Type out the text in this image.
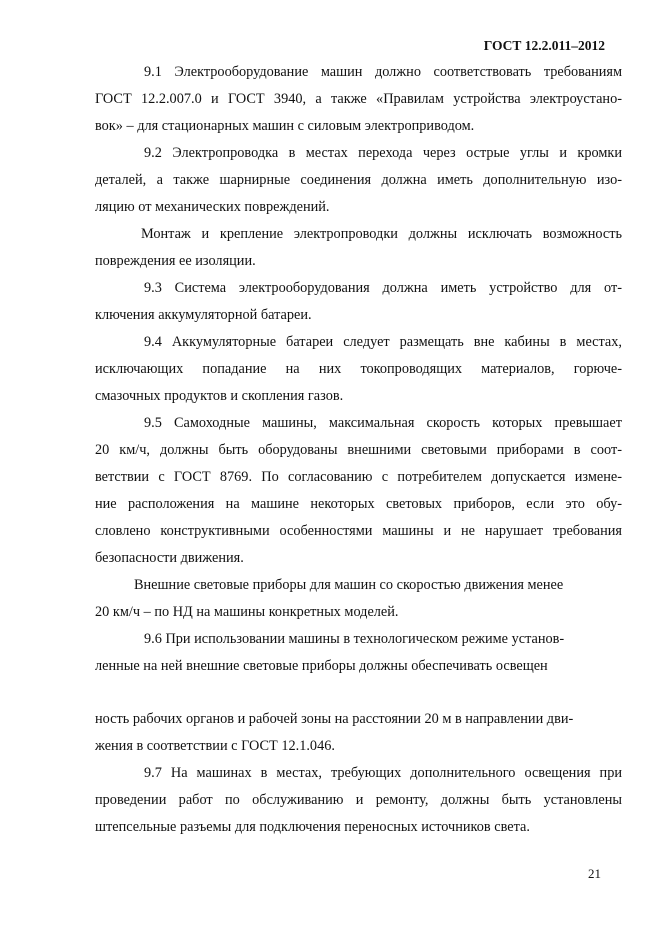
ГОСТ 12.2.011–2012
9.1 Электрооборудование машин должно соответствовать требованиям
ГОСТ 12.2.007.0 и ГОСТ 3940, а также «Правилам устройства электроустано-
вок» – для стационарных машин с силовым электроприводом.
9.2 Электропроводка в местах перехода через острые углы и кромки
деталей, а также шарнирные соединения должна иметь дополнительную изо-
ляцию от механических повреждений.
Монтаж и крепление электропроводки должны исключать возможность
повреждения ее изоляции.
9.3 Система электрооборудования должна иметь устройство для от-
ключения аккумуляторной батареи.
9.4 Аккумуляторные батареи следует размещать вне кабины в местах,
исключающих попадание на них токопроводящих материалов, горюче-
смазочных продуктов и скопления газов.
9.5 Самоходные машины, максимальная скорость которых превышает
20 км/ч, должны быть оборудованы внешними световыми приборами в соот-
ветствии с ГОСТ 8769. По согласованию с потребителем допускается измене-
ние расположения на машине некоторых световых приборов, если это обу-
словлено конструктивными особенностями машины и не нарушает требования
безопасности движения.
Внешние световые приборы для машин со скоростью движения менее
20 км/ч – по НД на машины конкретных моделей.
9.6 При использовании машины в технологическом режиме установ-
ленные на ней внешние световые приборы должны обеспечивать освещен
ность рабочих органов и рабочей зоны на расстоянии 20 м в направлении дви-
жения в соответствии с ГОСТ 12.1.046.
9.7 На машинах в местах, требующих дополнительного освещения при
проведении работ по обслуживанию и ремонту, должны быть установлены
штепсельные разъемы для подключения переносных источников света.
21
